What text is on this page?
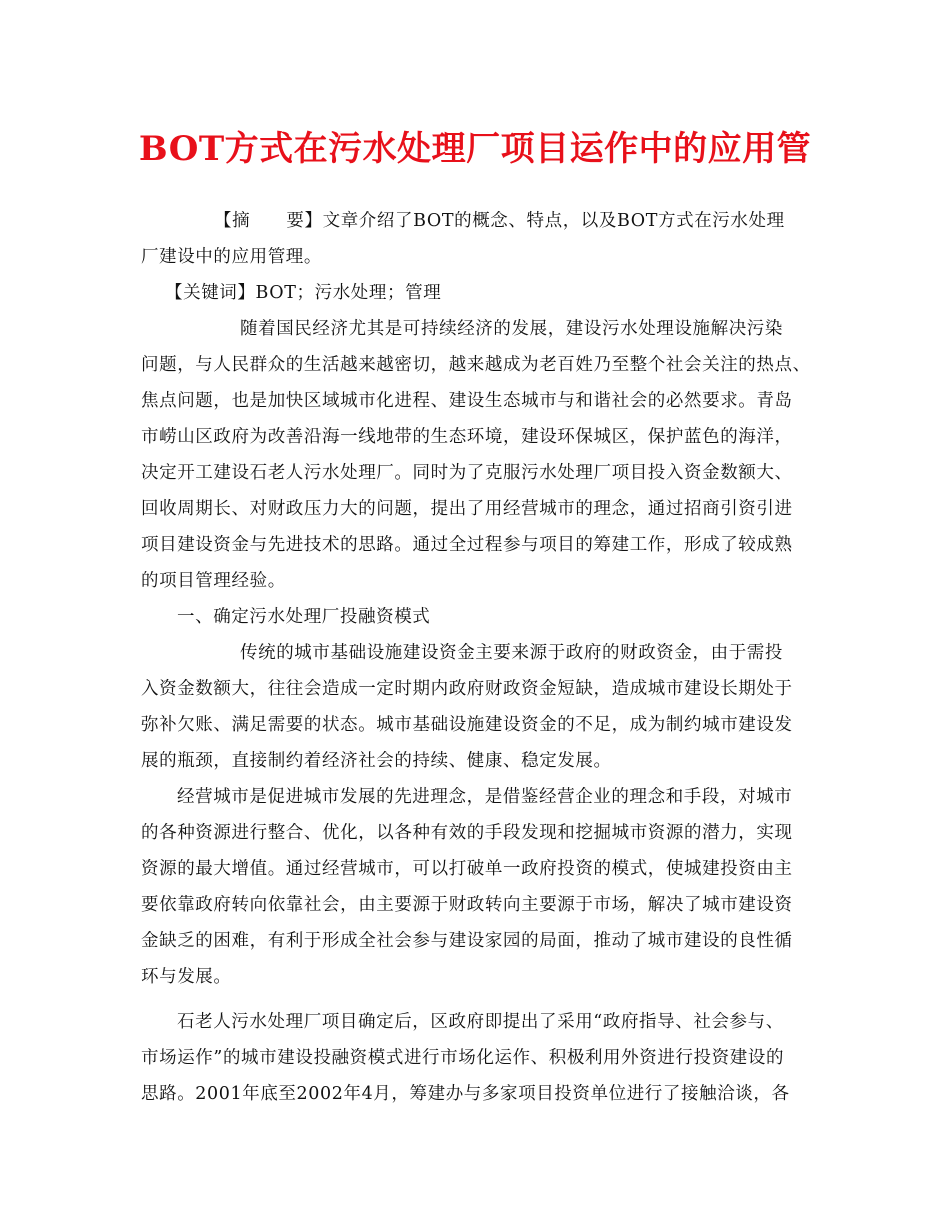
BOT方式在污水处理厂项目运作中的应用管
【摘　　要】文章介绍了BOT的概念、特点，以及BOT方式在污水处理
厂建设中的应用管理。
【关键词】BOT；污水处理；管理
随着国民经济尤其是可持续经济的发展，建设污水处理设施解决污染
问题，与人民群众的生活越来越密切，越来越成为老百姓乃至整个社会关注的热点、
焦点问题，也是加快区域城市化进程、建设生态城市与和谐社会的必然要求。青岛
市崂山区政府为改善沿海一线地带的生态环境，建设环保城区，保护蓝色的海洋，
决定开工建设石老人污水处理厂。同时为了克服污水处理厂项目投入资金数额大、
回收周期长、对财政压力大的问题，提出了用经营城市的理念，通过招商引资引进
项目建设资金与先进技术的思路。通过全过程参与项目的筹建工作，形成了较成熟
的项目管理经验。
一、确定污水处理厂投融资模式
传统的城市基础设施建设资金主要来源于政府的财政资金，由于需投
入资金数额大，往往会造成一定时期内政府财政资金短缺，造成城市建设长期处于
弥补欠账、满足需要的状态。城市基础设施建设资金的不足，成为制约城市建设发
展的瓶颈，直接制约着经济社会的持续、健康、稳定发展。
经营城市是促进城市发展的先进理念，是借鉴经营企业的理念和手段，对城市
的各种资源进行整合、优化，以各种有效的手段发现和挖掘城市资源的潜力，实现
资源的最大增值。通过经营城市，可以打破单一政府投资的模式，使城建投资由主
要依靠政府转向依靠社会，由主要源于财政转向主要源于市场，解决了城市建设资
金缺乏的困难，有利于形成全社会参与建设家园的局面，推动了城市建设的良性循
环与发展。
石老人污水处理厂项目确定后，区政府即提出了采用“政府指导、社会参与、
市场运作”的城市建设投融资模式进行市场化运作、积极利用外资进行投资建设的
思路。2001年底至2002年4月，筹建办与多家项目投资单位进行了接触洽谈，各
